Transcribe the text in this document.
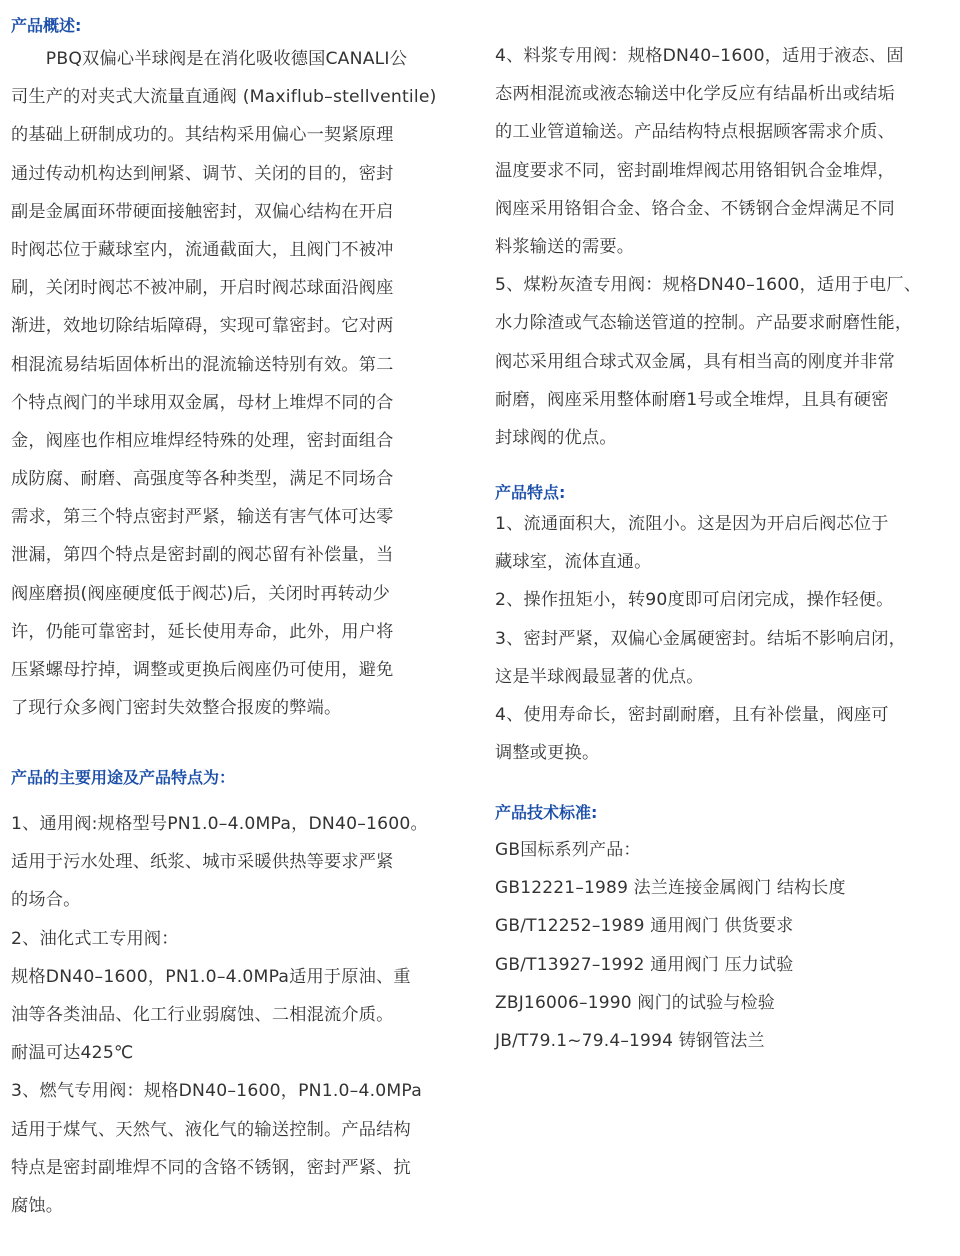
产品概述:
　　PBQ双偏心半球阀是在消化吸收德国CANALI公
司生产的对夹式大流量直通阀 (Maxiflub–stellventile)
的基础上研制成功的。其结构采用偏心一契紧原理
通过传动机构达到闸紧、调节、关闭的目的，密封
副是金属面环带硬面接触密封，双偏心结构在开启
时阀芯位于藏球室内，流通截面大，且阀门不被冲
刷，关闭时阀芯不被冲刷，开启时阀芯球面沿阀座
渐进，效地切除结垢障碍，实现可靠密封。它对两
相混流易结垢固体析出的混流输送特别有效。第二
个特点阀门的半球用双金属，母材上堆焊不同的合
金，阀座也作相应堆焊经特殊的处理，密封面组合
成防腐、耐磨、高强度等各种类型，满足不同场合
需求，第三个特点密封严紧，输送有害气体可达零
泄漏，第四个特点是密封副的阀芯留有补偿量，当
阀座磨损(阀座硬度低于阀芯)后，关闭时再转动少
许，仍能可靠密封，延长使用寿命，此外，用户将
压紧螺母拧掉，调整或更换后阀座仍可使用，避免
了现行众多阀门密封失效整合报废的弊端。
产品的主要用途及产品特点为：
1、通用阀:规格型号PN1.0–4.0MPa，DN40–1600。
适用于污水处理、纸浆、城市采暖供热等要求严紧
的场合。
2、油化式工专用阀：
规格DN40–1600，PN1.0–4.0MPa适用于原油、重
油等各类油品、化工行业弱腐蚀、二相混流介质。
耐温可达425℃
3、燃气专用阀：规格DN40–1600，PN1.0–4.0MPa
适用于煤气、天然气、液化气的输送控制。产品结构
特点是密封副堆焊不同的含铬不锈钢，密封严紧、抗
腐蚀。
4、料浆专用阀：规格DN40–1600，适用于液态、固
态两相混流或液态输送中化学反应有结晶析出或结垢
的工业管道输送。产品结构特点根据顾客需求介质、
温度要求不同，密封副堆焊阀芯用铬钼钒合金堆焊，
阀座采用铬钼合金、铬合金、不锈钢合金焊满足不同
料浆输送的需要。
5、煤粉灰渣专用阀：规格DN40–1600，适用于电厂、
水力除渣或气态输送管道的控制。产品要求耐磨性能，
阀芯采用组合球式双金属，具有相当高的刚度并非常
耐磨，阀座采用整体耐磨1号或全堆焊，且具有硬密
封球阀的优点。
产品特点:
1、流通面积大，流阻小。这是因为开启后阀芯位于
藏球室，流体直通。
2、操作扭矩小，转90度即可启闭完成，操作轻便。
3、密封严紧，双偏心金属硬密封。结垢不影响启闭，
这是半球阀最显著的优点。
4、使用寿命长，密封副耐磨，且有补偿量，阀座可
调整或更换。
产品技术标准:
GB国标系列产品：
GB12221–1989 法兰连接金属阀门 结构长度
GB/T12252–1989 通用阀门 供货要求
GB/T13927–1992 通用阀门 压力试验
ZBJ16006–1990 阀门的试验与检验
JB/T79.1~79.4–1994 铸钢管法兰
